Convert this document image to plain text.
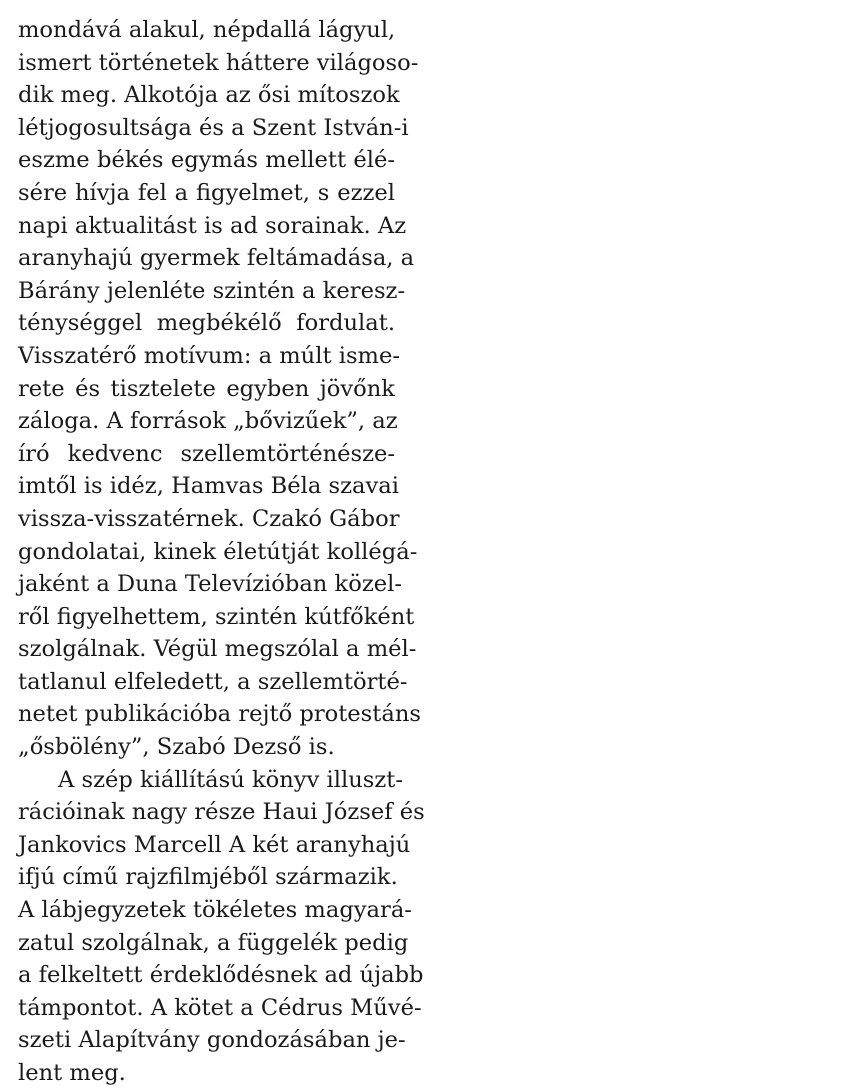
mondává alakul, népdallá lágyul,
ismert történetek háttere világoso-
dik meg. Alkotója az ősi mítoszok
létjogosultsága és a Szent István-i
eszme békés egymás mellett élé-
sére hívja fel a figyelmet, s ezzel
napi aktualitást is ad sorainak. Az
aranyhajú gyermek feltámadása, a
Bárány jelenléte szintén a keresz-
ténységgel megbékélő fordulat.
Visszatérő motívum: a múlt isme-
rete és tisztelete egyben jövőnk
záloga. A források „bővizűek”, az
író kedvenc szellemtörténésze-
imtől is idéz, Hamvas Béla szavai
vissza-visszatérnek. Czakó Gábor
gondolatai, kinek életútját kollégá-
jaként a Duna Televízióban közel-
ről figyelhettem, szintén kútfőként
szolgálnak. Végül megszólal a mél-
tatlanul elfeledett, a szellemtörté-
netet publikációba rejtő protestáns
„ősbölény”, Szabó Dezső is.
A szép kiállítású könyv illuszt-
rációinak nagy része Haui József és
Jankovics Marcell A két aranyhajú
ifjú című rajzfilmjéből származik.
A lábjegyzetek tökéletes magyará-
zatul szolgálnak, a függelék pedig
a felkeltett érdeklődésnek ad újabb
támpontot. A kötet a Cédrus Művé-
szeti Alapítvány gondozásában je-
lent meg.
